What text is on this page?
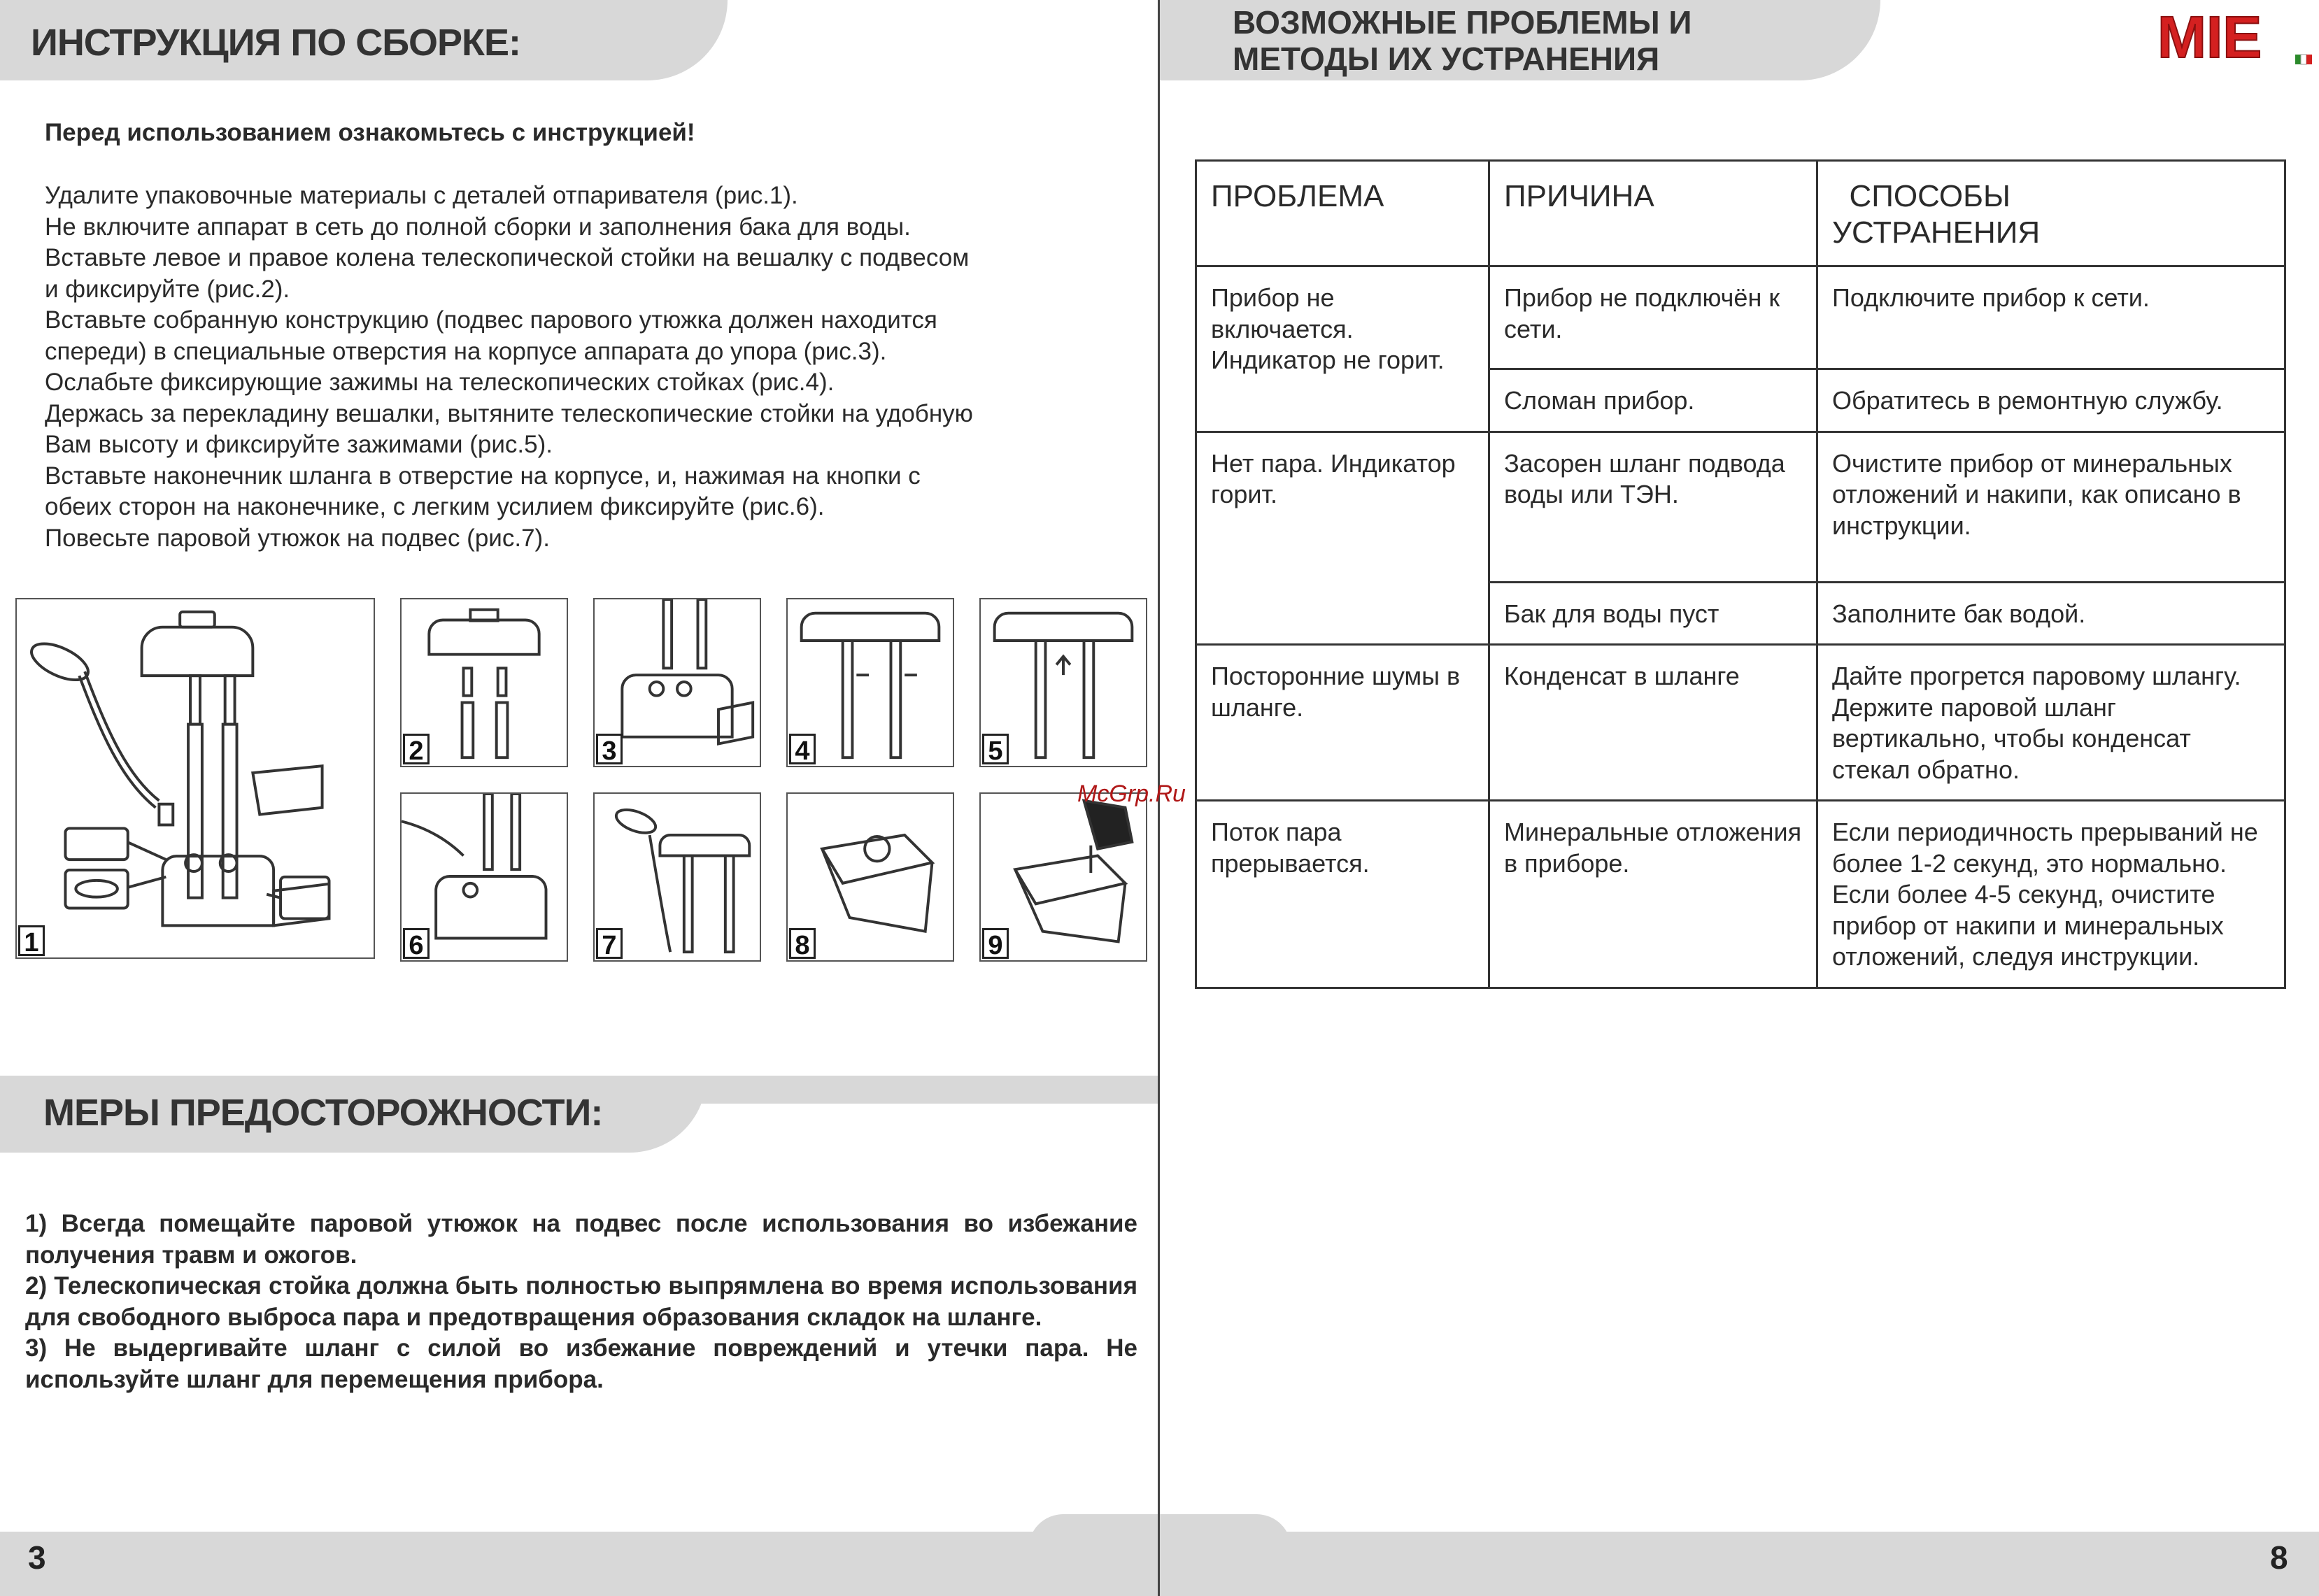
ИНСТРУКЦИЯ ПО СБОРКЕ:
Перед использованием ознакомьтесь с инструкцией!
Удалите упаковочные материалы с деталей отпаривателя (рис.1).
Не включите аппарат в сеть до полной сборки и заполнения бака для воды.
Вставьте левое и правое колена телескопической стойки на вешалку с подвесом
и фиксируйте (рис.2).
Вставьте собранную конструкцию (подвес парового утюжка должен находится
спереди) в специальные отверстия на корпусе аппарата до упора (рис.3).
Ослабьте фиксирующие зажимы на телескопических стойках (рис.4).
Держась за перекладину вешалки, вытяните телескопические стойки на удобную
Вам высоту и фиксируйте зажимами (рис.5).
Вставьте наконечник шланга в отверстие на корпусе, и, нажимая на кнопки с
обеих сторон на наконечнике, с легким усилием фиксируйте (рис.6).
Повесьте паровой утюжок на подвес (рис.7).
1
2	3	4	5
6	7	8	9
МЕРЫ ПРЕДОСТОРОЖНОСТИ:

1) Всегда помещайте паровой утюжок на подвес после использования во избежание получения травм и ожогов.

2) Телескопическая стойка должна быть полностью выпрямлена во время использования для свободного выброса пара и предотвращения образования складок на шланге.

3) Не выдергивайте шланг с силой во избежание повреждений и утечки пара. Не используйте шланг для перемещения прибора.

3
ВОЗМОЖНЫЕ ПРОБЛЕМЫ И
МЕТОДЫ ИХ УСТРАНЕНИЯ	MIE
ПРОБЛЕМА	ПРИЧИНА	СПОСОБЫ УСТРАНЕНИЯ
Прибор не включается. Индикатор не горит.	Прибор не подключён к сети.	Подключите прибор к сети.
	Сломан прибор.	Обратитесь в ремонтную службу.
Нет пара. Индикатор горит.	Засорен шланг подвода воды или ТЭН.	Очистите прибор от минеральных отложений и накипи, как описано в инструкции.
	Бак для воды пуст	Заполните бак водой.
Посторонние шумы в шланге.	Конденсат в шланге	Дайте прогрется паровому шлангу. Держите паровой шланг вертикально, чтобы конденсат стекал обратно.
Поток пара прерывается.	Минеральные отложения в приборе.	Если периодичность прерываний не более 1-2 секунд, это нормально. Если более 4-5 секунд, очистите прибор от накипи и минеральных отложений, следуя инструкции.
8
McGrp.Ru
